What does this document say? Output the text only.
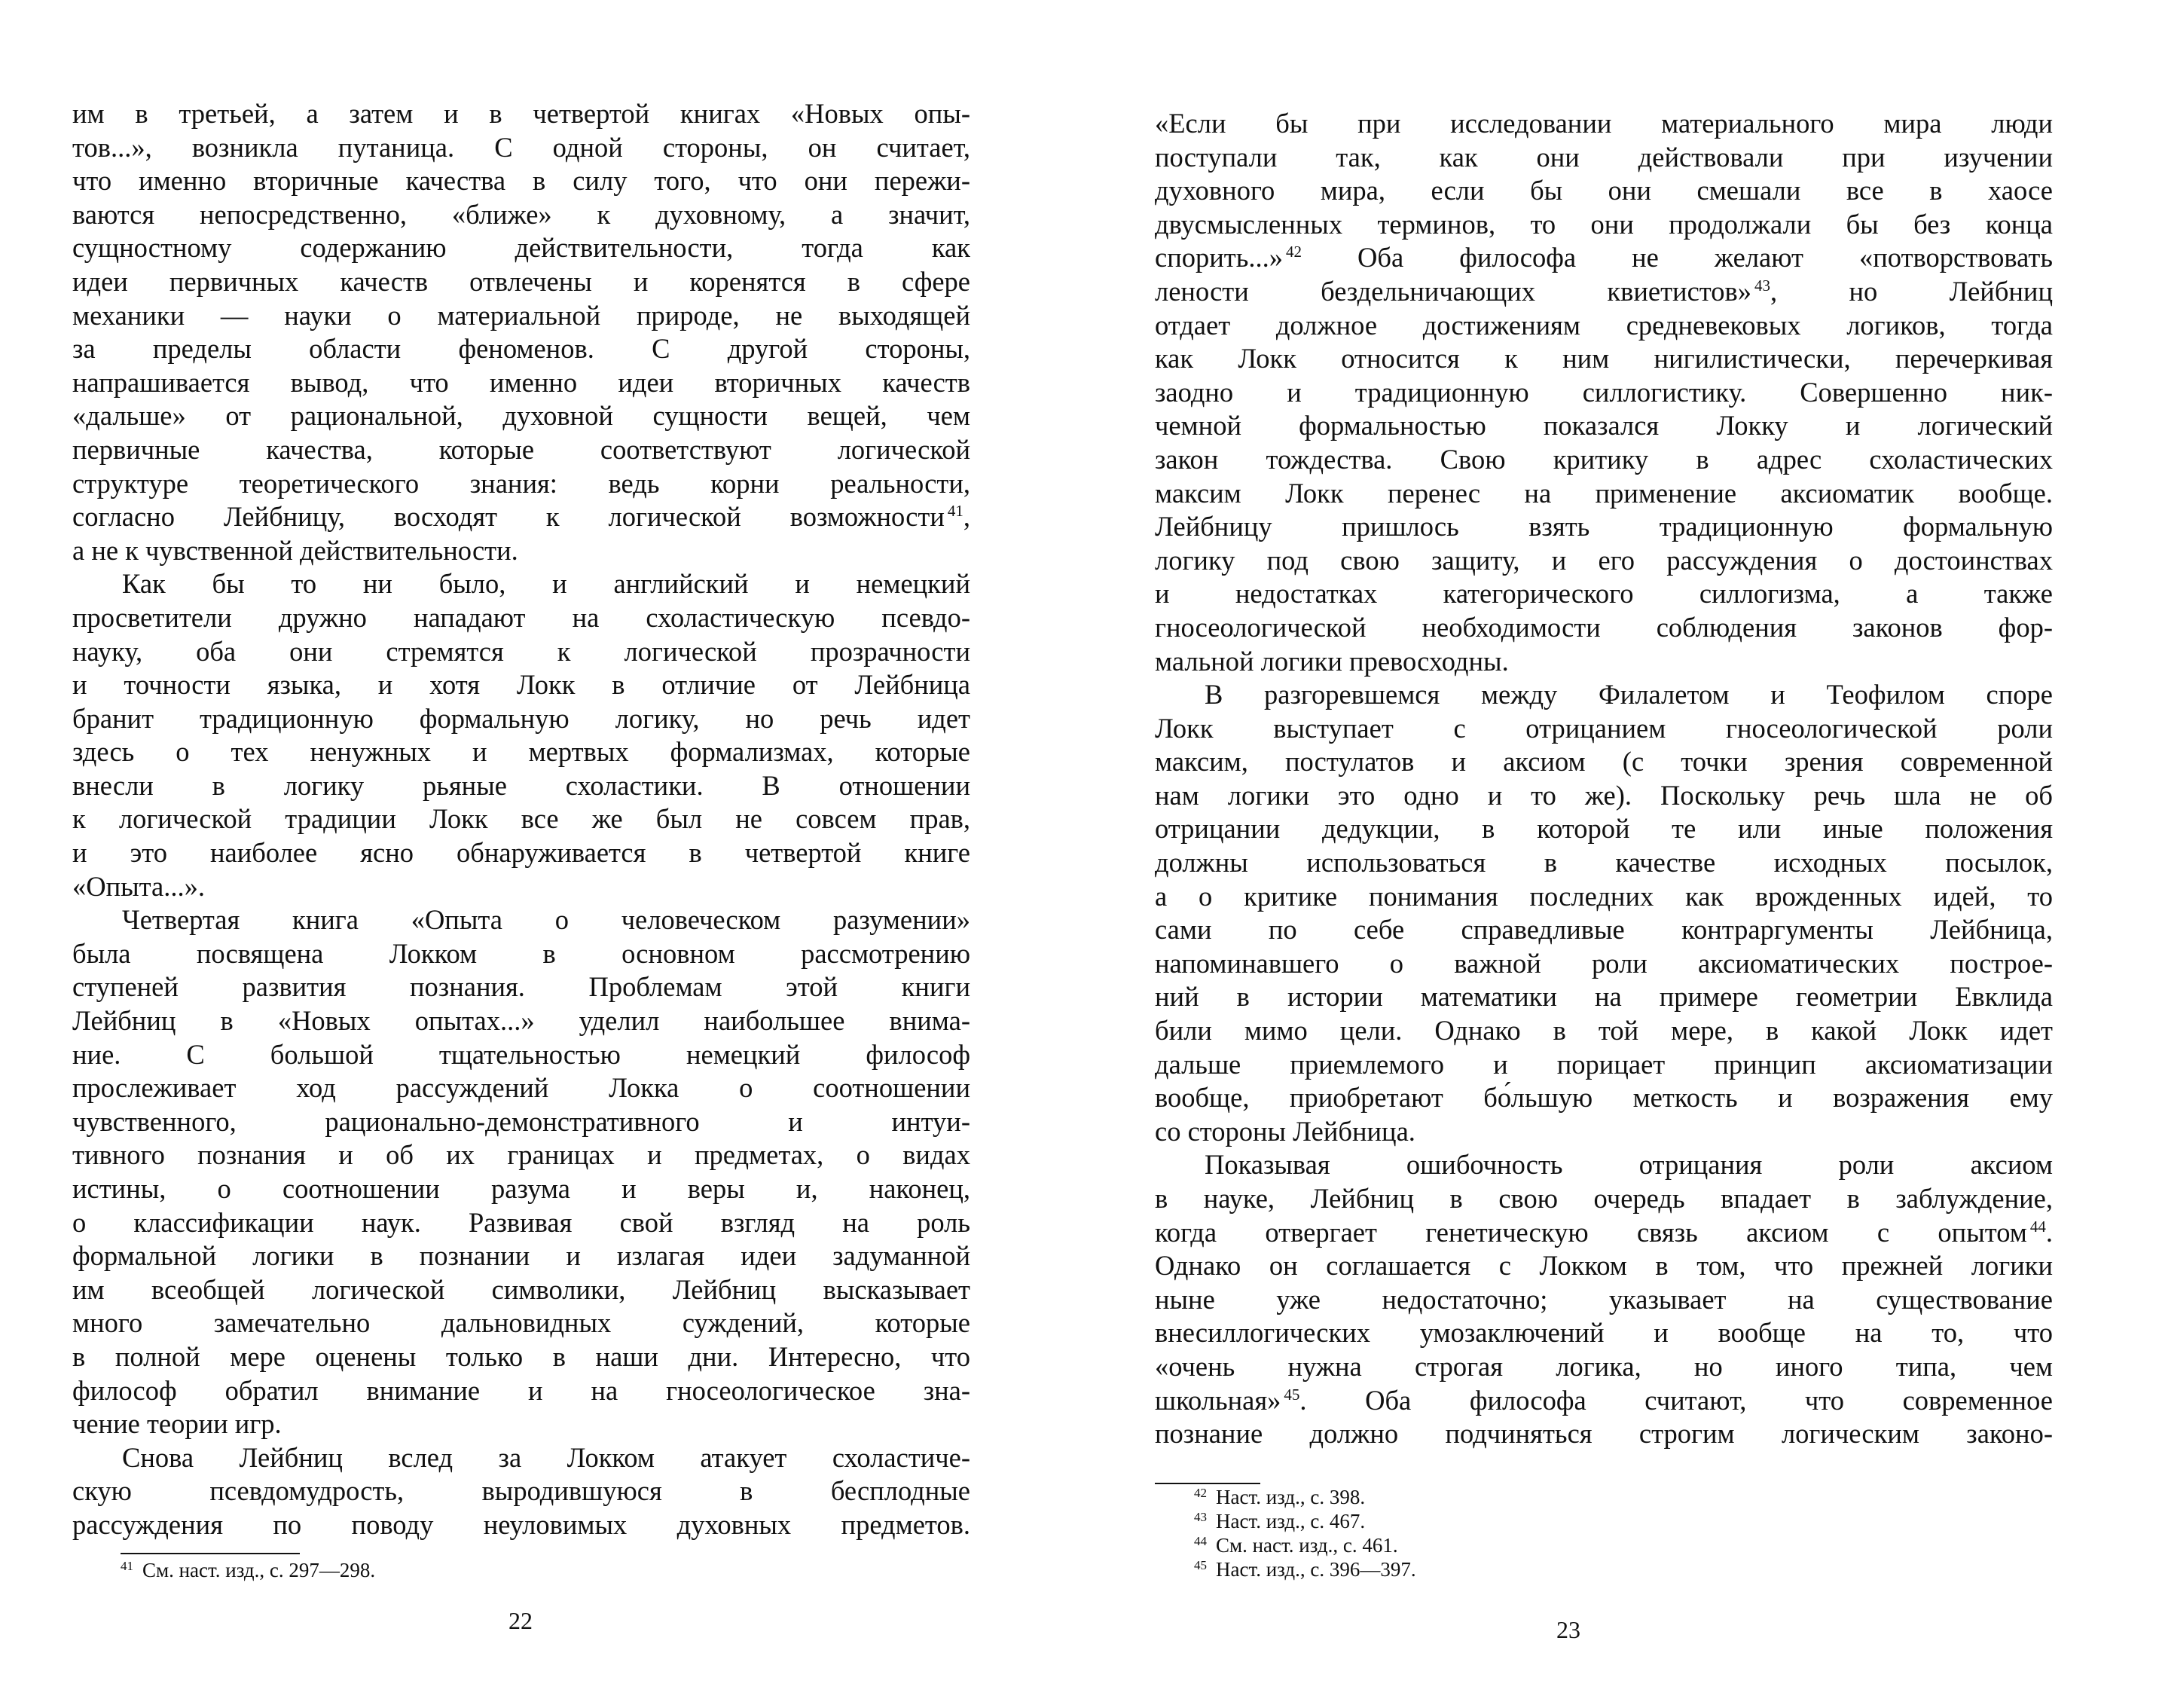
им в третьей, а затем и в четвертой книгах «Новых опы-
тов...», возникла путаница. С одной стороны, он считает,
что именно вторичные качества в силу того, что они пережи-
ваются непосредственно, «ближе» к духовному, а значит,
сущностному содержанию действительности, тогда как
идеи первичных качеств отвлечены и коренятся в сфере
механики — науки о материальной природе, не выходящей
за пределы области феноменов. С другой стороны,
напрашивается вывод, что именно идеи вторичных качеств
«дальше» от рациональной, духовной сущности вещей, чем
первичные качества, которые соответствуют логической
структуре теоретического знания: ведь корни реальности,
согласно Лейбницу, восходят к логической возможности $^{41}$,
а не к чувственной действительности.
Как бы то ни было, и английский и немецкий
просветители дружно нападают на схоластическую псевдо-
науку, оба они стремятся к логической прозрачности
и точности языка, и хотя Локк в отличие от Лейбница
бранит традиционную формальную логику, но речь идет
здесь о тех ненужных и мертвых формализмах, которые
внесли в логику рьяные схоластики. В отношении
к логической традиции Локк все же был не совсем прав,
и это наиболее ясно обнаруживается в четвертой книге
«Опыта...».
Четвертая книга «Опыта о человеческом разумении»
была посвящена Локком в основном рассмотрению
ступеней развития познания. Проблемам этой книги
Лейбниц в «Новых опытах...» уделил наибольшее внима-
ние. С большой тщательностью немецкий философ
прослеживает ход рассуждений Локка о соотношении
чувственного, рационально-демонстративного и интуи-
тивного познания и об их границах и предметах, о видах
истины, о соотношении разума и веры и, наконец,
о классификации наук. Развивая свой взгляд на роль
формальной логики в познании и излагая идеи задуманной
им всеобщей логической символики, Лейбниц высказывает
много замечательно дальновидных суждений, которые
в полной мере оценены только в наши дни. Интересно, что
философ обратил внимание и на гносеологическое зна-
чение теории игр.
Снова Лейбниц вслед за Локком атакует схоластиче-
скую псевдомудрость, выродившуюся в бесплодные
рассуждения по поводу неуловимых духовных предметов.
$^{41}$ См. наст. изд., с. 297—298.
22
«Если бы при исследовании материального мира люди
поступали так, как они действовали при изучении
духовного мира, если бы они смешали все в хаосе
двусмысленных терминов, то они продолжали бы без конца
спорить...» $^{42}$ Оба философа не желают «потворствовать
лености бездельничающих квиетистов» $^{43}$, но Лейбниц
отдает должное достижениям средневековых логиков, тогда
как Локк относится к ним нигилистически, перечеркивая
заодно и традиционную силлогистику. Совершенно ник-
чемной формальностью показался Локку и логический
закон тождества. Свою критику в адрес схоластических
максим Локк перенес на применение аксиоматик вообще.
Лейбницу пришлось взять традиционную формальную
логику под свою защиту, и его рассуждения о достоинствах
и недостатках категорического силлогизма, а также
гносеологической необходимости соблюдения законов фор-
мальной логики превосходны.
В разгоревшемся между Филалетом и Теофилом споре
Локк выступает с отрицанием гносеологической роли
максим, постулатов и аксиом (с точки зрения современной
нам логики это одно и то же). Поскольку речь шла не об
отрицании дедукции, в которой те или иные положения
должны использоваться в качестве исходных посылок,
а о критике понимания последних как врожденных идей, то
сами по себе справедливые контраргументы Лейбница,
напоминавшего о важной роли аксиоматических построе-
ний в истории математики на примере геометрии Евклида
били мимо цели. Однако в той мере, в какой Локк идет
дальше приемлемого и порицает принцип аксиоматизации
вообще, приобретают бо́льшую меткость и возражения ему
со стороны Лейбница.
Показывая ошибочность отрицания роли аксиом
в науке, Лейбниц в свою очередь впадает в заблуждение,
когда отвергает генетическую связь аксиом с опытом $^{44}$.
Однако он соглашается с Локком в том, что прежней логики
ныне уже недостаточно; указывает на существование
внесиллогических умозаключений и вообще на то, что
«очень нужна строгая логика, но иного типа, чем
школьная» $^{45}$. Оба философа считают, что современное
познание должно подчиняться строгим логическим законо-
$^{42}$ Наст. изд., с. 398.
$^{43}$ Наст. изд., с. 467.
$^{44}$ См. наст. изд., с. 461.
$^{45}$ Наст. изд., с. 396—397.
23
